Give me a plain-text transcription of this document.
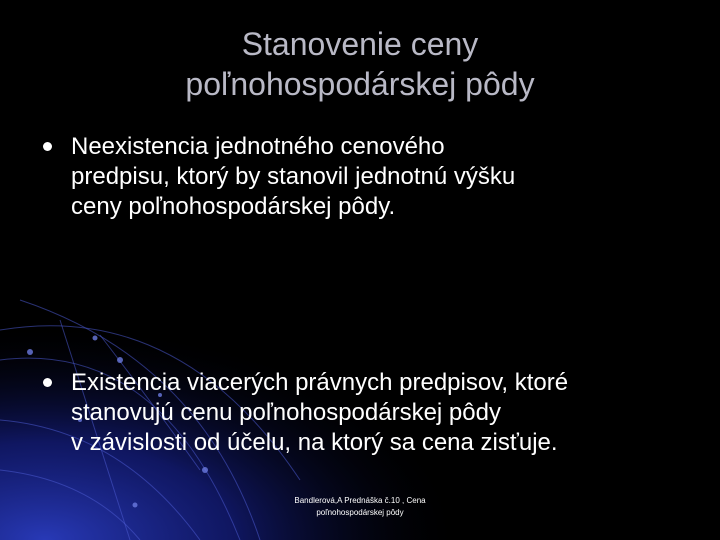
Stanovenie ceny
poľnohospodárskej pôdy
Neexistencia jednotného cenového
predpisu, ktorý by stanovil jednotnú výšku
ceny poľnohospodárskej pôdy.
Existencia viacerých právnych predpisov, ktoré
stanovujú cenu poľnohospodárskej pôdy
v závislosti od účelu, na ktorý sa cena zisťuje.
Bandlerová,A Prednáška č.10 , Cena
poľnohospodárskej pôdy
